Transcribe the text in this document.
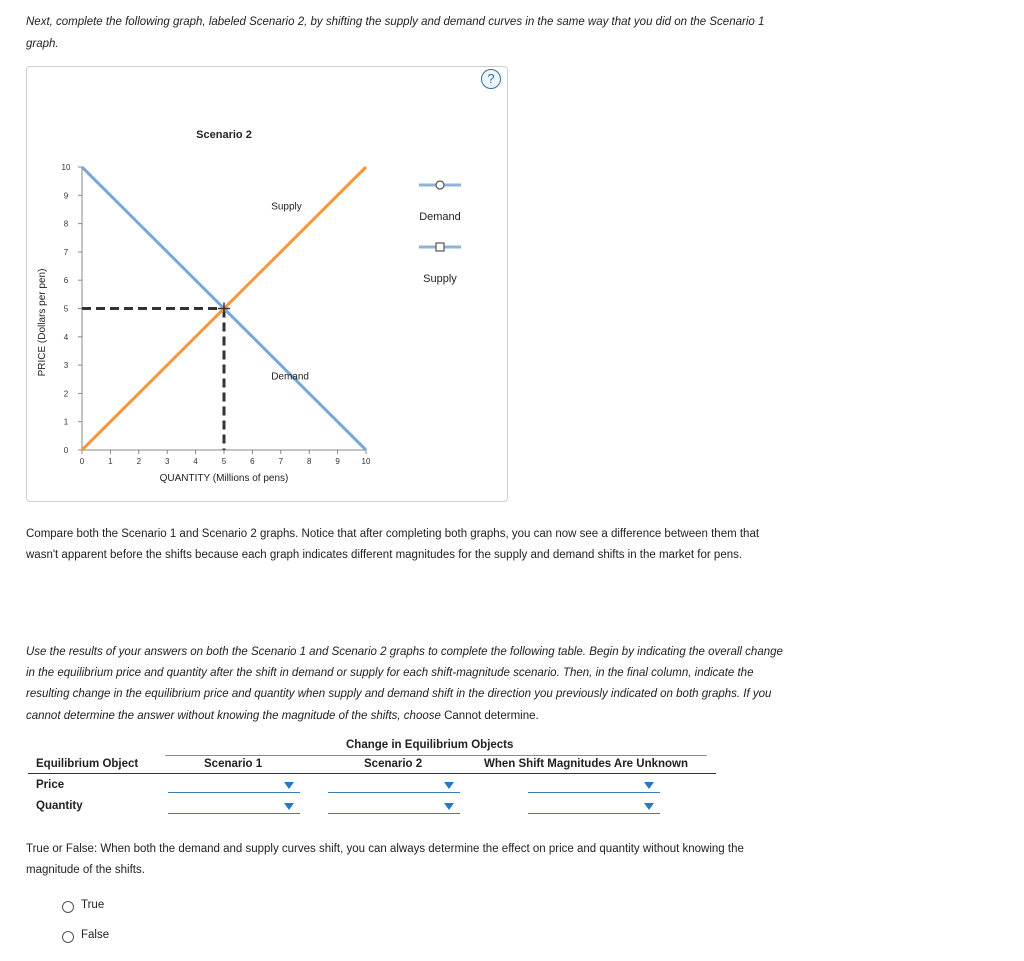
Next, complete the following graph, labeled Scenario 2, by shifting the supply and demand curves in the same way that you did on the Scenario 1
graph.
?
Demand
Supply
Scenario 2
0	1	2	3	4	5	6	7	8	9	10
0
1
2
3
4
5
6
7
8
9
10
QUANTITY (Millions of pens)
PRICE (Dollars per pen)
Demand
Supply
Compare both the Scenario 1 and Scenario 2 graphs. Notice that after completing both graphs, you can now see a difference between them that
wasn't apparent before the shifts because each graph indicates different magnitudes for the supply and demand shifts in the market for pens.
Use the results of your answers on both the Scenario 1 and Scenario 2 graphs to complete the following table. Begin by indicating the overall change
in the equilibrium price and quantity after the shift in demand or supply for each shift-magnitude scenario. Then, in the final column, indicate the
resulting change in the equilibrium price and quantity when supply and demand shift in the direction you previously indicated on both graphs. If you
cannot determine the answer without knowing the magnitude of the shifts, choose Cannot determine.
Change in Equilibrium Objects
Equilibrium Object	Scenario 1	Scenario 2	When Shift Magnitudes Are Unknown
Price
Quantity
True or False: When both the demand and supply curves shift, you can always determine the effect on price and quantity without knowing the
magnitude of the shifts.
True
False
